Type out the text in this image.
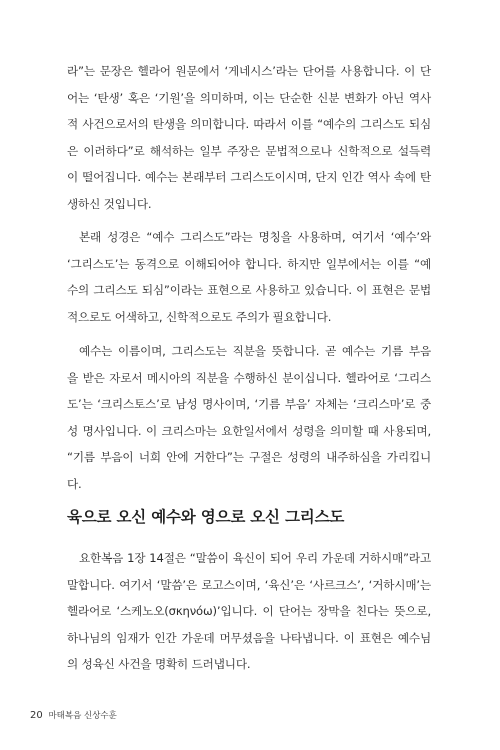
라”는 문장은 헬라어 원문에서 ‘게네시스’라는 단어를 사용합니다. 이 단
어는 ‘탄생’ 혹은 ‘기원’을 의미하며, 이는 단순한 신분 변화가 아닌 역사
적 사건으로서의 탄생을 의미합니다. 따라서 이를 “예수의 그리스도 되심
은 이러하다”로 해석하는 일부 주장은 문법적으로나 신학적으로 설득력
이 떨어집니다. 예수는 본래부터 그리스도이시며, 단지 인간 역사 속에 탄
생하신 것입니다.
본래 성경은 “예수 그리스도”라는 명칭을 사용하며, 여기서 ‘예수’와
‘그리스도’는 동격으로 이해되어야 합니다. 하지만 일부에서는 이를 “예
수의 그리스도 되심”이라는 표현으로 사용하고 있습니다. 이 표현은 문법
적으로도 어색하고, 신학적으로도 주의가 필요합니다.
예수는 이름이며, 그리스도는 직분을 뜻합니다. 곧 예수는 기름 부음
을 받은 자로서 메시아의 직분을 수행하신 분이십니다. 헬라어로 ‘그리스
도’는 ‘크리스토스’로 남성 명사이며, ‘기름 부음’ 자체는 ‘크리스마’로 중
성 명사입니다. 이 크리스마는 요한일서에서 성령을 의미할 때 사용되며,
“기름 부음이 너희 안에 거한다”는 구절은 성령의 내주하심을 가리킵니
다.
육으로 오신 예수와 영으로 오신 그리스도
요한복음 1장 14절은 “말씀이 육신이 되어 우리 가운데 거하시매”라고
말합니다. 여기서 ‘말씀’은 로고스이며, ‘육신’은 ‘사르크스’, ‘거하시매’는
헬라어로 ‘스케노오(σκηνόω)’입니다. 이 단어는 장막을 친다는 뜻으로,
하나님의 임재가 인간 가운데 머무셨음을 나타냅니다. 이 표현은 예수님
의 성육신 사건을 명확히 드러냅니다.
20 마태복음 신상수훈
